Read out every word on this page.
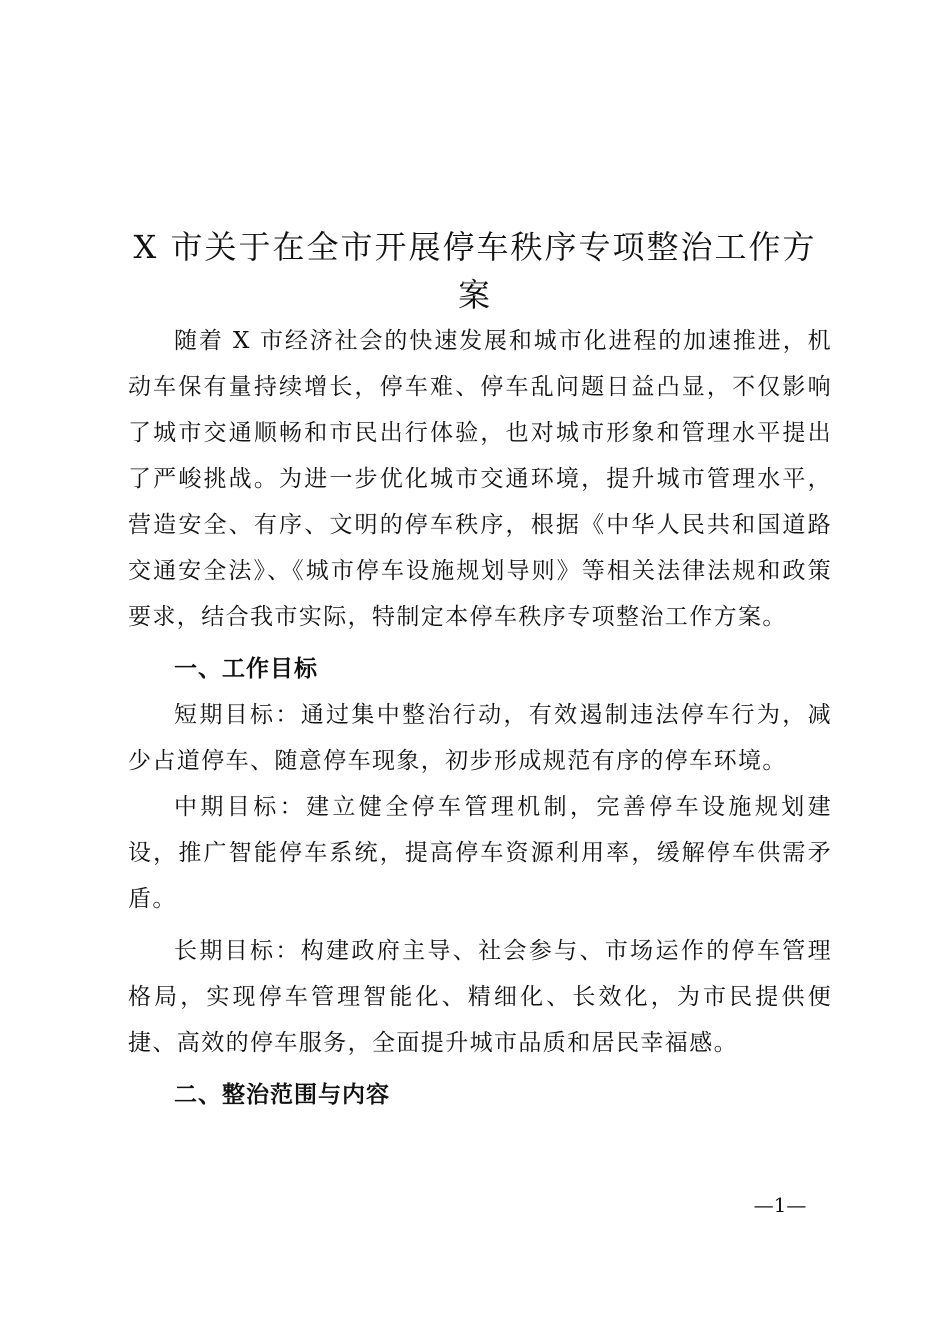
X 市关于在全市开展停车秩序专项整治工作方
案

随着 X 市经济社会的快速发展和城市化进程的加速推进，机动车保有量持续增长，停车难、停车乱问题日益凸显，不仅影响了城市交通顺畅和市民出行体验，也对城市形象和管理水平提出了严峻挑战。为进一步优化城市交通环境，提升城市管理水平，营造安全、有序、文明的停车秩序，根据《中华人民共和国道路交通安全法》、《城市停车设施规划导则》等相关法律法规和政策要求，结合我市实际，特制定本停车秩序专项整治工作方案。

一、工作目标

短期目标：通过集中整治行动，有效遏制违法停车行为，减少占道停车、随意停车现象，初步形成规范有序的停车环境。

中期目标：建立健全停车管理机制，完善停车设施规划建设，推广智能停车系统，提高停车资源利用率，缓解停车供需矛盾。

长期目标：构建政府主导、社会参与、市场运作的停车管理格局，实现停车管理智能化、精细化、长效化，为市民提供便捷、高效的停车服务，全面提升城市品质和居民幸福感。

二、整治范围与内容

—1—
